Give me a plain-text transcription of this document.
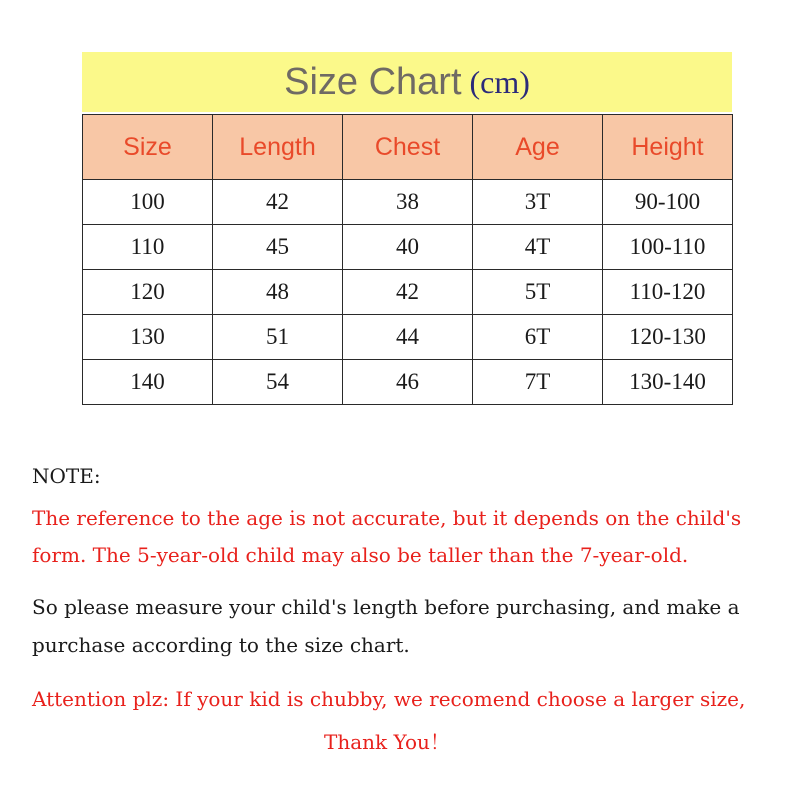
Size Chart (cm)
Size	Length	Chest	Age	Height
100	42	38	3T	90-100
110	45	40	4T	100-110
120	48	42	5T	110-120
130	51	44	6T	120-130
140	54	46	7T	130-140

NOTE:

The reference to the age is not accurate, but it depends on the child's

form. The 5-year-old child may also be taller than the 7-year-old.

So please measure your child's length before purchasing, and make a

purchase according to the size chart.

Attention plz: If your kid is chubby, we recomend choose a larger size,

Thank You！
